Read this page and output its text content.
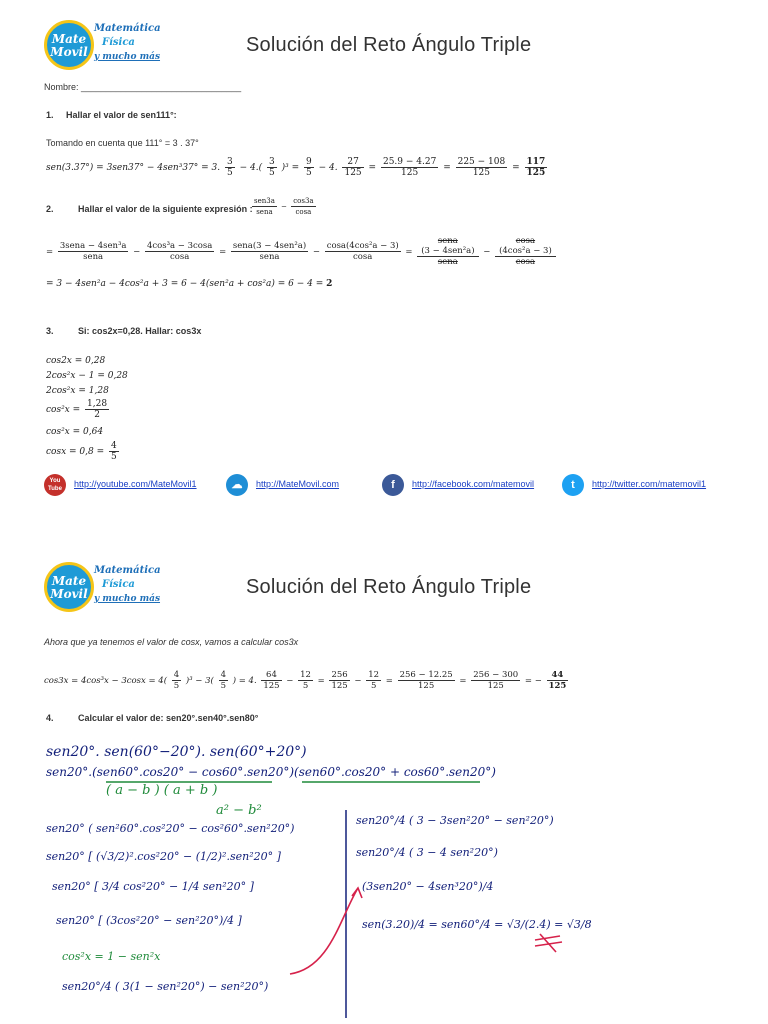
Mate
Movil
Matemática
Física
y mucho más
Solución del Reto Ángulo Triple
Nombre: ________________________________
1. Hallar el valor de sen111°:
Tomando en cuenta que 111° = 3 . 37°
sen(3.37°) = 3sen37° − 4sen³37° = 3. $\frac{3}{5} - 4.( \frac{3}{5} )^3 = \frac{9}{5} - 4$. $\frac{27}{125} = \frac{25.9 - 4.27}{125} = \frac{225 - 108}{125} = \frac{117}{125}$
2.	Hallar el valor de la siguiente expresión : $\frac{\text{sen3a}}{\text{sena}} - \frac{\cos 3a}{\cos a}$
= $\frac{\text{3sena − 4sen³a}}{\text{sena}} - \frac{\text{4cos³a − 3cosa}}{\cos a} = \frac{\text{sena(3 − 4sen²a)}}{\text{sena}} - \frac{\text{cosa(4cos²a − 3)}}{\cos a}$ = sena
(3 − 4sen²a)
sena − cosa
(4cos²a − 3)
cosa
= 3 − 4sen²a − 4cos²a + 3 = 6 − 4(sen²a + cos²a) = 6 − 4 = 2
3.	Si: cos2x=0,28. Hallar: cos3x
cos2x = 0,28
2cos²x − 1 = 0,28
2cos²x = 1,28
$\cos^2x = \frac{1,28}{2}$
cos²x = 0,64
$\cos x = 0,8 = \frac{4}{5}$
You Tube	http://youtube.com/MateMovil1	☁	http://MateMovil.com	f	http://facebook.com/matemovil	t	http://twitter.com/matemovil1
Mate
Movil
Matemática
Física
y mucho más
Solución del Reto Ángulo Triple
Ahora que ya tenemos el valor de cosx, vamos a calcular cos3x
$\cos 3x = 4\cos^3x - 3\cos x = 4( \frac{4}{5} )^3 - 3( \frac{4}{5}$ ) = 4. $\frac{64}{125} - \frac{12}{5} = \frac{256}{125} - \frac{12}{5} = \frac{256 - 12.25}{125} = \frac{256 - 300}{125}$ = − $\frac{44}{125}$
4.	Calcular el valor de: sen20°.sen40°.sen80°
sen20°. sen(60°−20°). sen(60°+20°)
sen20°.(sen60°.cos20° − cos60°.sen20°)(sen60°.cos20° + cos60°.sen20°)
( a − b ) ( a + b )
a² − b²
sen20° ( sen²60°.cos²20° − cos²60°.sen²20°)
sen20° [ (√3/2)².cos²20° − (1/2)².sen²20° ]
sen20° [ 3/4 cos²20° − 1/4 sen²20° ]
sen20° [ (3cos²20° − sen²20°)/4 ]
cos²x = 1 − sen²x
sen20°/4 ( 3(1 − sen²20°) − sen²20°)
sen20°/4 ( 3 − 3sen²20° − sen²20°)
sen20°/4 ( 3 − 4 sen²20°)
(3sen20° − 4sen³20°)/4
sen(3.20)/4 = sen60°/4 = √3/(2.4) = √3/8
